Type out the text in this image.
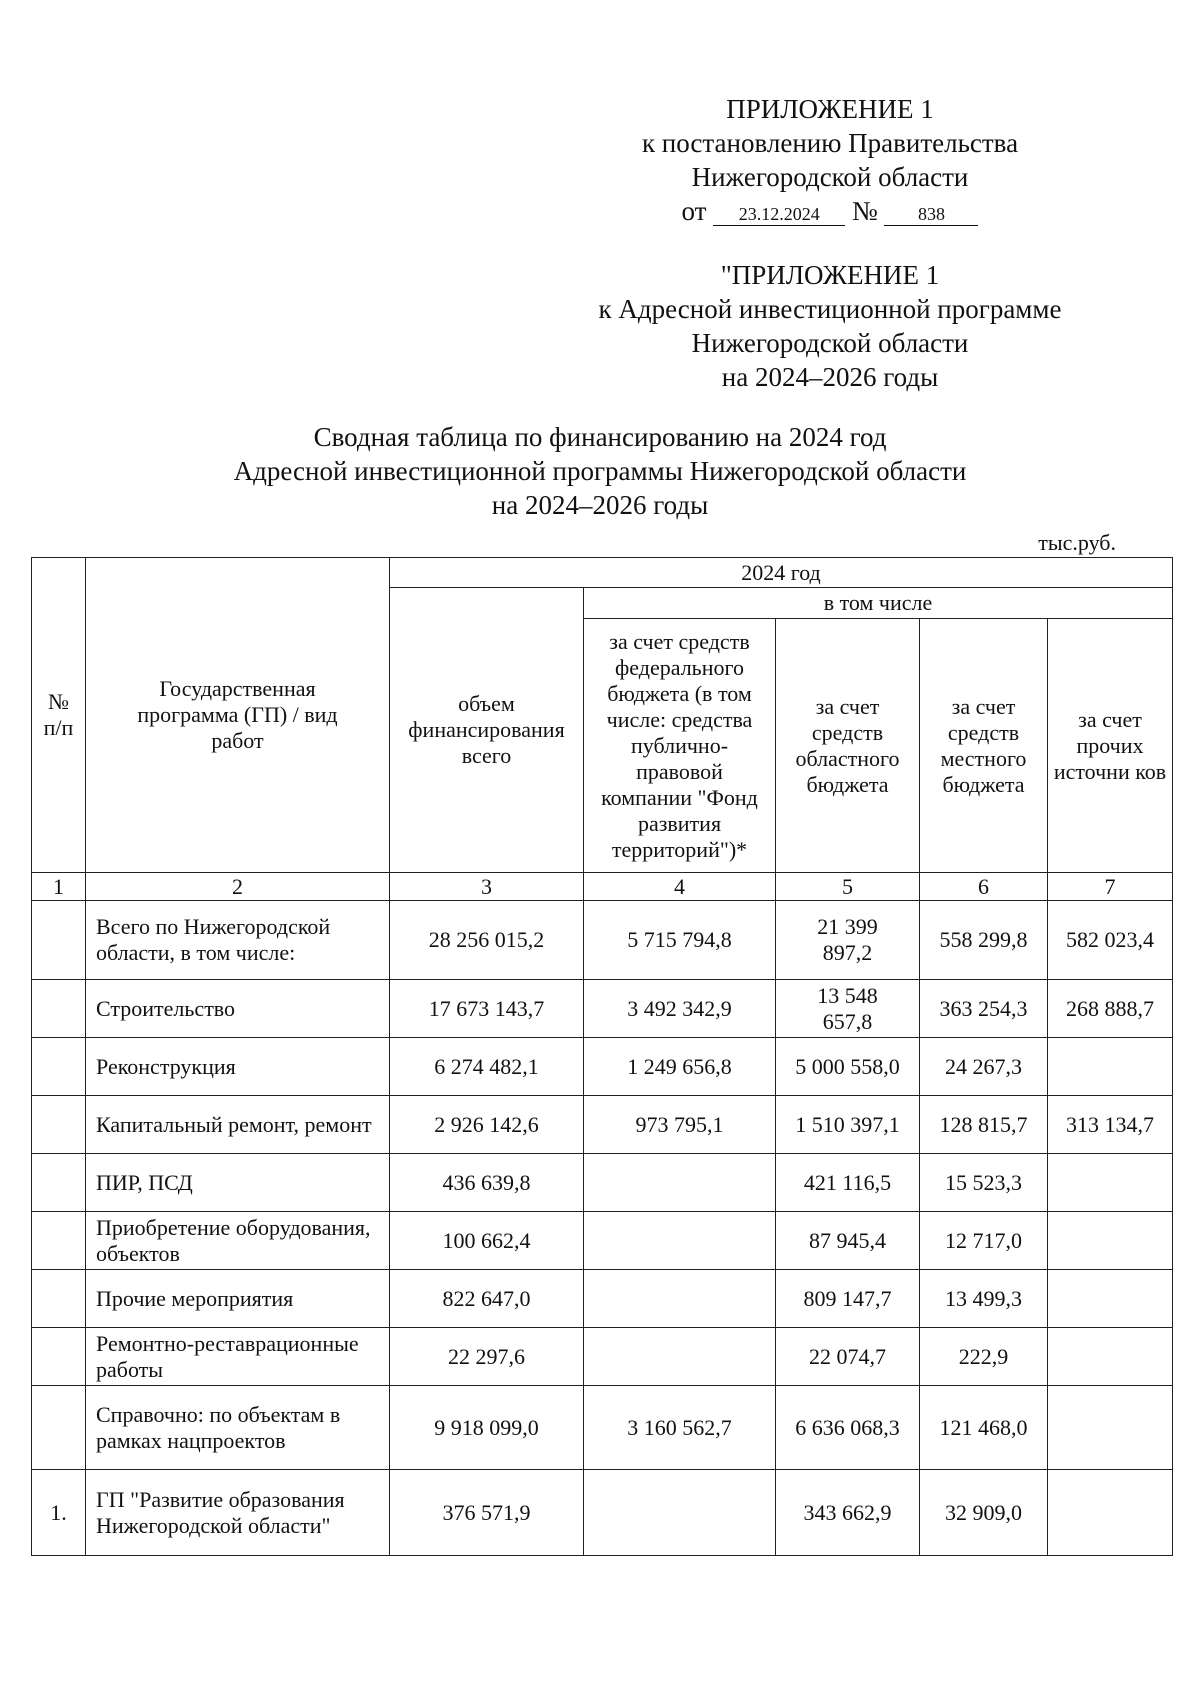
ПРИЛОЖЕНИЕ 1
к постановлению Правительства
Нижегородской области
от 23.12.2024 № 838
"ПРИЛОЖЕНИЕ 1
к Адресной инвестиционной программе
Нижегородской области
на 2024–2026 годы
Сводная таблица по финансированию на 2024 год
Адресной инвестиционной программы Нижегородской области
на 2024–2026 годы
тыс.руб.
№ п/п	Государственная программа (ГП) / вид работ	2024 год				
		объем финансирования всего	в том числе			
			за счет средств федерального бюджета (в том числе: средства публично-правовой компании "Фонд развития территорий")*	за счет средств областного бюджета	за счет средств местного бюджета	за счет прочих источни ков
1	2	3	4	5	6	7
	Всего по Нижегородской области, в том числе:	28 256 015,2	5 715 794,8	21 399 897,2	558 299,8	582 023,4
	Строительство	17 673 143,7	3 492 342,9	13 548 657,8	363 254,3	268 888,7
	Реконструкция	6 274 482,1	1 249 656,8	5 000 558,0	24 267,3	
	Капитальный ремонт, ремонт	2 926 142,6	973 795,1	1 510 397,1	128 815,7	313 134,7
	ПИР, ПСД	436 639,8		421 116,5	15 523,3	
	Приобретение оборудования, объектов	100 662,4		87 945,4	12 717,0	
	Прочие мероприятия	822 647,0		809 147,7	13 499,3	
	Ремонтно-реставрационные работы	22 297,6		22 074,7	222,9	
	Справочно: по объектам в рамках нацпроектов	9 918 099,0	3 160 562,7	6 636 068,3	121 468,0	
1.	ГП "Развитие образования Нижегородской области"	376 571,9		343 662,9	32 909,0	
